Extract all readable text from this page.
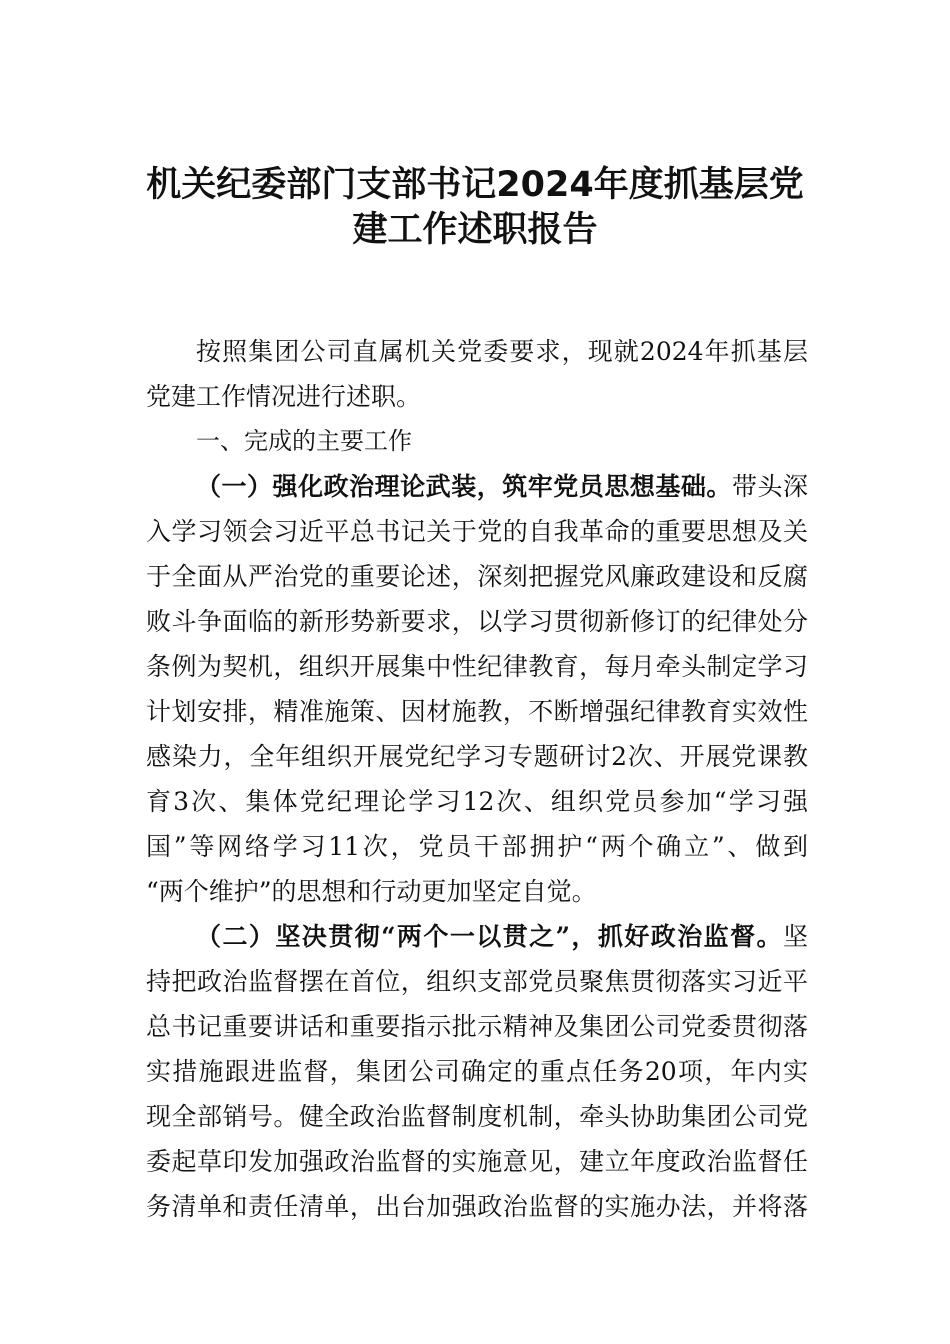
机关纪委部门支部书记2024年度抓基层党
建工作述职报告
按照集团公司直属机关党委要求，现就2024年抓基层
党建工作情况进行述职。
一、完成的主要工作
（一）强化政治理论武装，筑牢党员思想基础。带头深
入学习领会习近平总书记关于党的自我革命的重要思想及关
于全面从严治党的重要论述，深刻把握党风廉政建设和反腐
败斗争面临的新形势新要求，以学习贯彻新修订的纪律处分
条例为契机，组织开展集中性纪律教育，每月牵头制定学习
计划安排，精准施策、因材施教，不断增强纪律教育实效性
感染力，全年组织开展党纪学习专题研讨2次、开展党课教
育3次、集体党纪理论学习12次、组织党员参加“学习强
国”等网络学习11次，党员干部拥护“两个确立”、做到
“两个维护”的思想和行动更加坚定自觉。
（二）坚决贯彻“两个一以贯之”，抓好政治监督。坚
持把政治监督摆在首位，组织支部党员聚焦贯彻落实习近平
总书记重要讲话和重要指示批示精神及集团公司党委贯彻落
实措施跟进监督，集团公司确定的重点任务20项，年内实
现全部销号。健全政治监督制度机制，牵头协助集团公司党
委起草印发加强政治监督的实施意见，建立年度政治监督任
务清单和责任清单，出台加强政治监督的实施办法，并将落
